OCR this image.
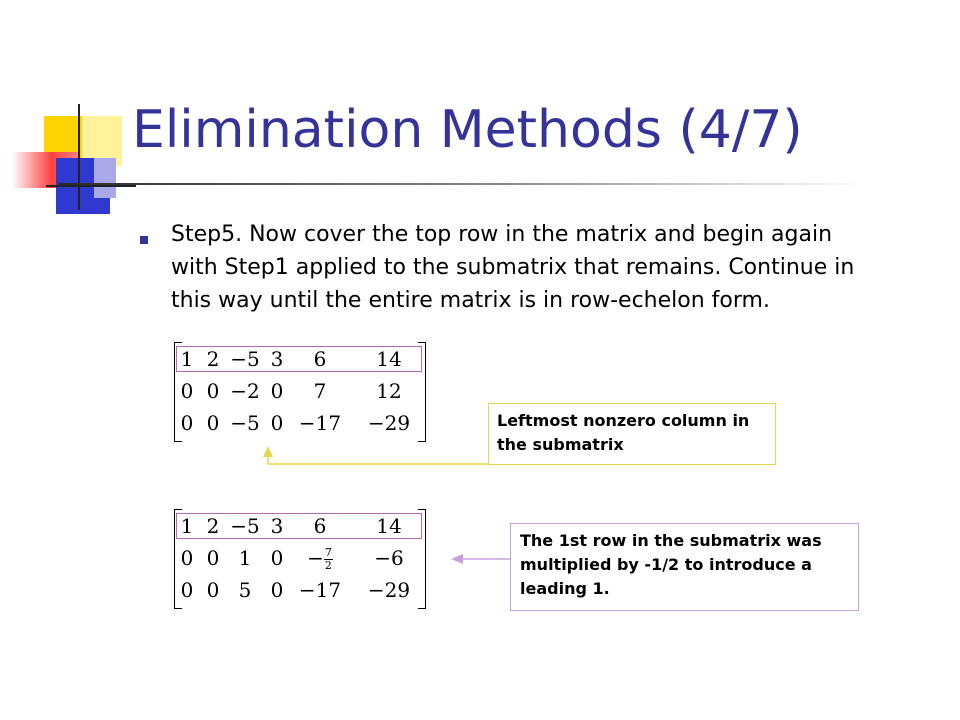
Elimination Methods (4/7)

Step5. Now cover the top row in the matrix and begin again with Step1 applied to the submatrix that remains. Continue in this way until the entire matrix is in row-echelon form.

1 2 −5 3	6	14
0 0 −2 0	7	12
0 0 −5 0 −17 −29
1 2 −5 3	6	14
0 0 1 0	− $\frac{7}{2}$	−6
0 0 5 0 −17 −29
Leftmost nonzero column in the submatrix
The 1st row in the submatrix was multiplied by -1/2 to introduce a leading 1.
